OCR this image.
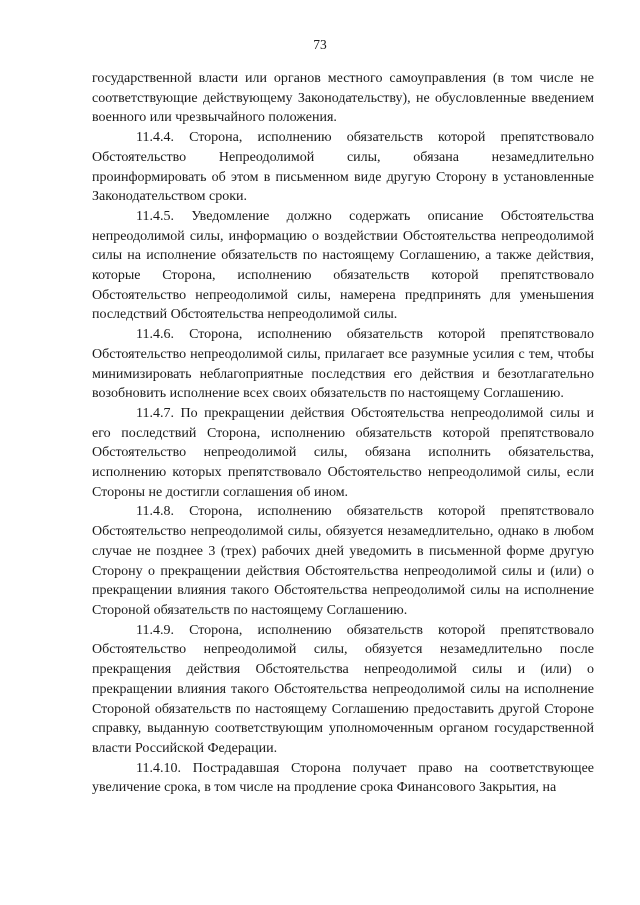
73

государственной власти или органов местного самоуправления (в том числе не соответствующие действующему Законодательству), не обусловленные введением военного или чрезвычайного положения.

11.4.4. Сторона, исполнению обязательств которой препятствовало Обстоятельство Непреодолимой силы, обязана незамедлительно проинформировать об этом в письменном виде другую Сторону в установленные Законодательством сроки.

11.4.5. Уведомление должно содержать описание Обстоятельства непреодолимой силы, информацию о воздействии Обстоятельства непреодолимой силы на исполнение обязательств по настоящему Соглашению, а также действия, которые Сторона, исполнению обязательств которой препятствовало Обстоятельство непреодолимой силы, намерена предпринять для уменьшения последствий Обстоятельства непреодолимой силы.

11.4.6. Сторона, исполнению обязательств которой препятствовало Обстоятельство непреодолимой силы, прилагает все разумные усилия с тем, чтобы минимизировать неблагоприятные последствия его действия и безотлагательно возобновить исполнение всех своих обязательств по настоящему Соглашению.

11.4.7. По прекращении действия Обстоятельства непреодолимой силы и его последствий Сторона, исполнению обязательств которой препятствовало Обстоятельство непреодолимой силы, обязана исполнить обязательства, исполнению которых препятствовало Обстоятельство непреодолимой силы, если Стороны не достигли соглашения об ином.

11.4.8. Сторона, исполнению обязательств которой препятствовало Обстоятельство непреодолимой силы, обязуется незамедлительно, однако в любом случае не позднее 3 (трех) рабочих дней уведомить в письменной форме другую Сторону о прекращении действия Обстоятельства непреодолимой силы и (или) о прекращении влияния такого Обстоятельства непреодолимой силы на исполнение Стороной обязательств по настоящему Соглашению.

11.4.9. Сторона, исполнению обязательств которой препятствовало Обстоятельство непреодолимой силы, обязуется незамедлительно после прекращения действия Обстоятельства непреодолимой силы и (или) о прекращении влияния такого Обстоятельства непреодолимой силы на исполнение Стороной обязательств по настоящему Соглашению предоставить другой Стороне справку, выданную соответствующим уполномоченным органом государственной власти Российской Федерации.

11.4.10. Пострадавшая Сторона получает право на соответствующее увеличение срока, в том числе на продление срока Финансового Закрытия, на
